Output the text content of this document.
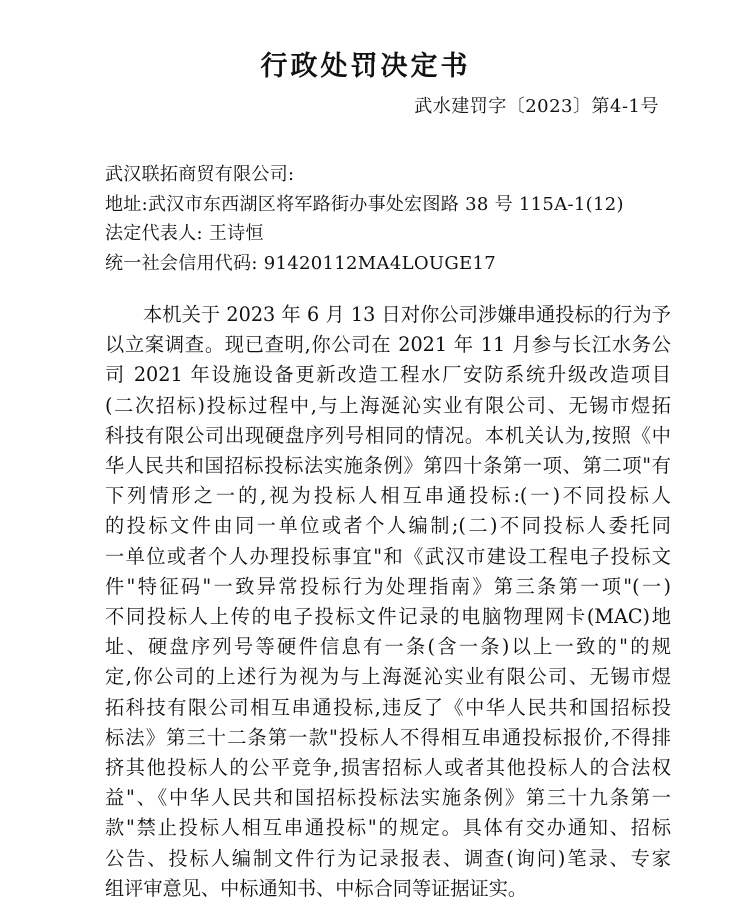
行政处罚决定书

武水建罚字〔2023〕第4-1号

武汉联拓商贸有限公司:

地址:武汉市东西湖区将军路街办事处宏图路 38 号 115A-1(12)

法定代表人: 王诗恒

统一社会信用代码: 91420112MA4LOUGE17

本机关于 2023 年 6 月 13 日对你公司涉嫌串通投标的行为予

以立案调查。现已查明,你公司在 2021 年 11 月参与长江水务公

司 2021 年设施设备更新改造工程水厂安防系统升级改造项目

(二次招标)投标过程中,与上海涎沁实业有限公司、无锡市煜拓

科技有限公司出现硬盘序列号相同的情况。本机关认为,按照《中

华人民共和国招标投标法实施条例》第四十条第一项、第二项"有

下列情形之一的,视为投标人相互串通投标:(一)不同投标人

的投标文件由同一单位或者个人编制;(二)不同投标人委托同

一单位或者个人办理投标事宜"和《武汉市建设工程电子投标文

件"特征码"一致异常投标行为处理指南》第三条第一项"(一)

不同投标人上传的电子投标文件记录的电脑物理网卡(MAC)地

址、硬盘序列号等硬件信息有一条(含一条)以上一致的"的规

定,你公司的上述行为视为与上海涎沁实业有限公司、无锡市煜

拓科技有限公司相互串通投标,违反了《中华人民共和国招标投

标法》第三十二条第一款"投标人不得相互串通投标报价,不得排

挤其他投标人的公平竞争,损害招标人或者其他投标人的合法权

益"、《中华人民共和国招标投标法实施条例》第三十九条第一

款"禁止投标人相互串通投标"的规定。具体有交办通知、招标

公告、投标人编制文件行为记录报表、调查(询问)笔录、专家

组评审意见、中标通知书、中标合同等证据证实。
